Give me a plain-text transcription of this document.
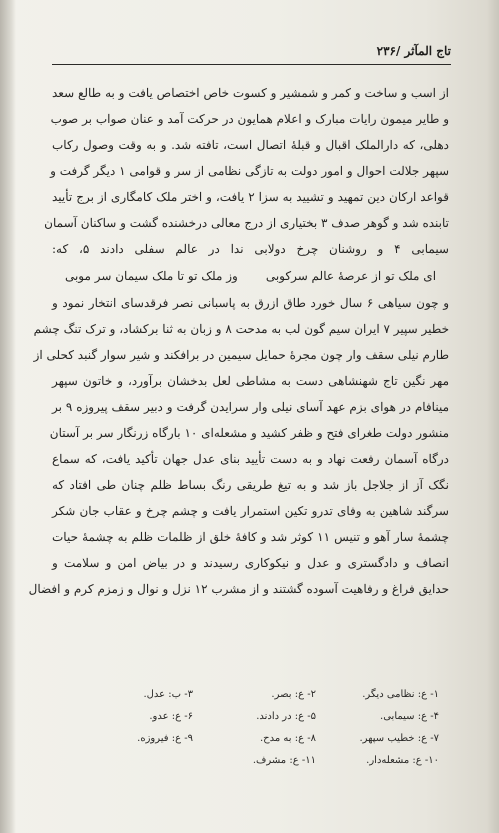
تاج المآثر /۲۳۶
از اسب و ساخت و کمر و شمشیر و کسوت خاص اختصاص یافت و به طالع سعد
و طایر میمون رایات مبارک و اعلام همایون در حرکت آمد و عنان صواب بر صوب
دهلی، که دارالملک اقبال و قبلهٔ اتصال است، تافته شد. و به وقت وصول رکاب
سپهر جلالت احوال و امور دولت به تازگی نظامی از سر و قوامی ۱ دیگر گرفت و
قواعد ارکان دین تمهید و تشیید به سزا ۲ یافت، و اختر ملک کامگاری از برج تأیید
تابنده شد و گوهر صدف ۳ بختیاری از درج معالی درخشنده گشت و ساکنان آسمان
سیمابی ۴ و روشنان چرخ دولابی ندا در عالم سفلی دادند ۵، که:
ای ملک تو از عرصهٔ عالم سرکوبی
وز ملک تو تا ملک سیمان سر موبی
و چون سیاهی ۶ سال خورد طاق ازرق به پاسبانی نصر فرقدسای انتخار نمود و
خطیر سپیر ۷ ایران سیم گون لب به مدحت ۸ و زبان به ثنا برکشاد، و ترک تنگ چشم
طارم نیلی سقف وار چون مجرهٔ حمایل سیمین در برافکند و شیر سوار گنبد کحلی از
مهر نگین تاج شهنشاهی دست به مشاطی لعل بدخشان برآورد، و خاتون سپهر
مینافام در هوای بزم عهد آسای نیلی وار سرایدن گرفت و دبیر سقف پیروزه ۹ بر
منشور دولت طغرای فتح و ظفر کشید و مشعله‌ای ۱۰ بارگاه زرنگار سر بر آستان
درگاه آسمان رفعت نهاد و به دست تأیید بنای عدل جهان تأکید یافت، که سماع
نگک آز از جلاجل باز شد و به تیغ طریقی رنگ بساط ظلم چنان طی افتاد که
سرگند شاهین به وفای تدرو تکین استمرار یافت و چشم چرخ و عقاب جان شکر
چشمهٔ سار آهو و تنیس ۱۱ کوثر شد و کافهٔ خلق از ظلمات ظلم به چشمهٔ حیات
انصاف و دادگستری و عدل و نیکوکاری رسیدند و در بیاض امن و سلامت و
حدایق فراغ و رفاهیت آسوده گشتند و از مشرب ۱۲ نزل و نوال و زمزم کرم و افضال
۱- ع: نظامی دیگر.
۲- ع: بصر.
۳- ب: عدل.
۴- ع: سیمابی.
۵- ع: در دادند.
۶- ع: عدو.
۷- ع: خطیب سپهر.
۸- ع: به مدح.
۹- ع: فیروزه.
۱۰- ع: مشعله‌دار.
۱۱- ع: مشرف.
